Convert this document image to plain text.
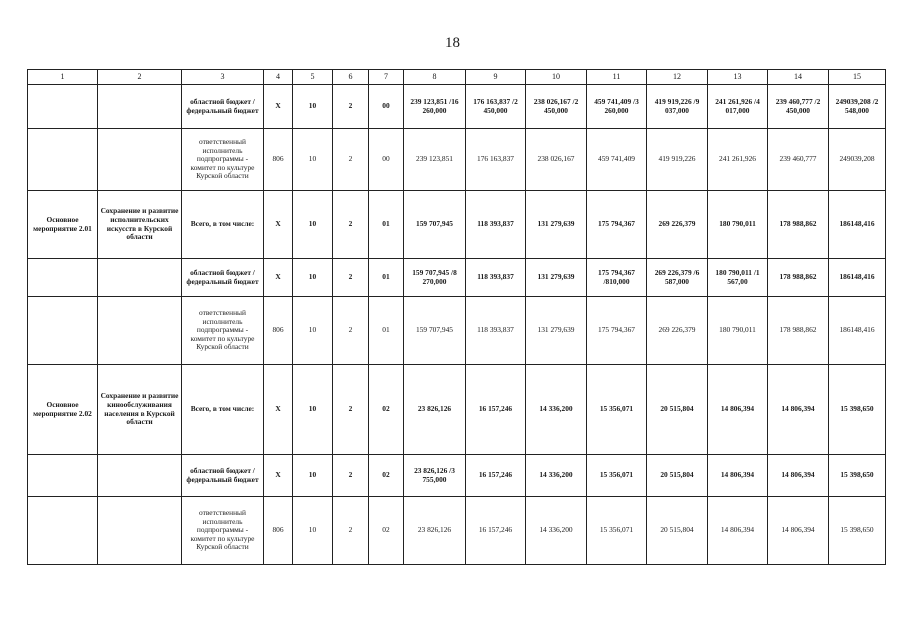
18
1	2	3	4	5	6	7	8	9	10	11	12	13	14	15
		областной бюджет /федеральный бюджет	X	10	2	00	239 123,851 /16 260,000	176 163,837 /2 450,000	238 026,167 /2 450,000	459 741,409 /3 260,000	419 919,226 /9 037,000	241 261,926 /4 017,000	239 460,777 /2 450,000	249039,208 /2 548,000
		ответственный исполнитель подпрограммы - комитет по культуре Курской области	806	10	2	00	239 123,851	176 163,837	238 026,167	459 741,409	419 919,226	241 261,926	239 460,777	249039,208
Основное мероприятие 2.01	Сохранение и развитие исполнительских искусств в Курской области	Всего, в том числе:	X	10	2	01	159 707,945	118 393,837	131 279,639	175 794,367	269 226,379	180 790,011	178 988,862	186148,416
		областной бюджет /федеральный бюджет	X	10	2	01	159 707,945 /8 270,000	118 393,837	131 279,639	175 794,367 /810,000	269 226,379 /6 587,000	180 790,011 /1 567,00	178 988,862	186148,416
		ответственный исполнитель подпрограммы - комитет по культуре Курской области	806	10	2	01	159 707,945	118 393,837	131 279,639	175 794,367	269 226,379	180 790,011	178 988,862	186148,416
Основное мероприятие 2.02	Сохранение и развитие кинообслуживания населения в Курской области	Всего, в том числе:	X	10	2	02	23 826,126	16 157,246	14 336,200	15 356,071	20 515,804	14 806,394	14 806,394	15 398,650
		областной бюджет /федеральный бюджет	X	10	2	02	23 826,126 /3 755,000	16 157,246	14 336,200	15 356,071	20 515,804	14 806,394	14 806,394	15 398,650
		ответственный исполнитель подпрограммы - комитет по культуре Курской области	806	10	2	02	23 826,126	16 157,246	14 336,200	15 356,071	20 515,804	14 806,394	14 806,394	15 398,650
